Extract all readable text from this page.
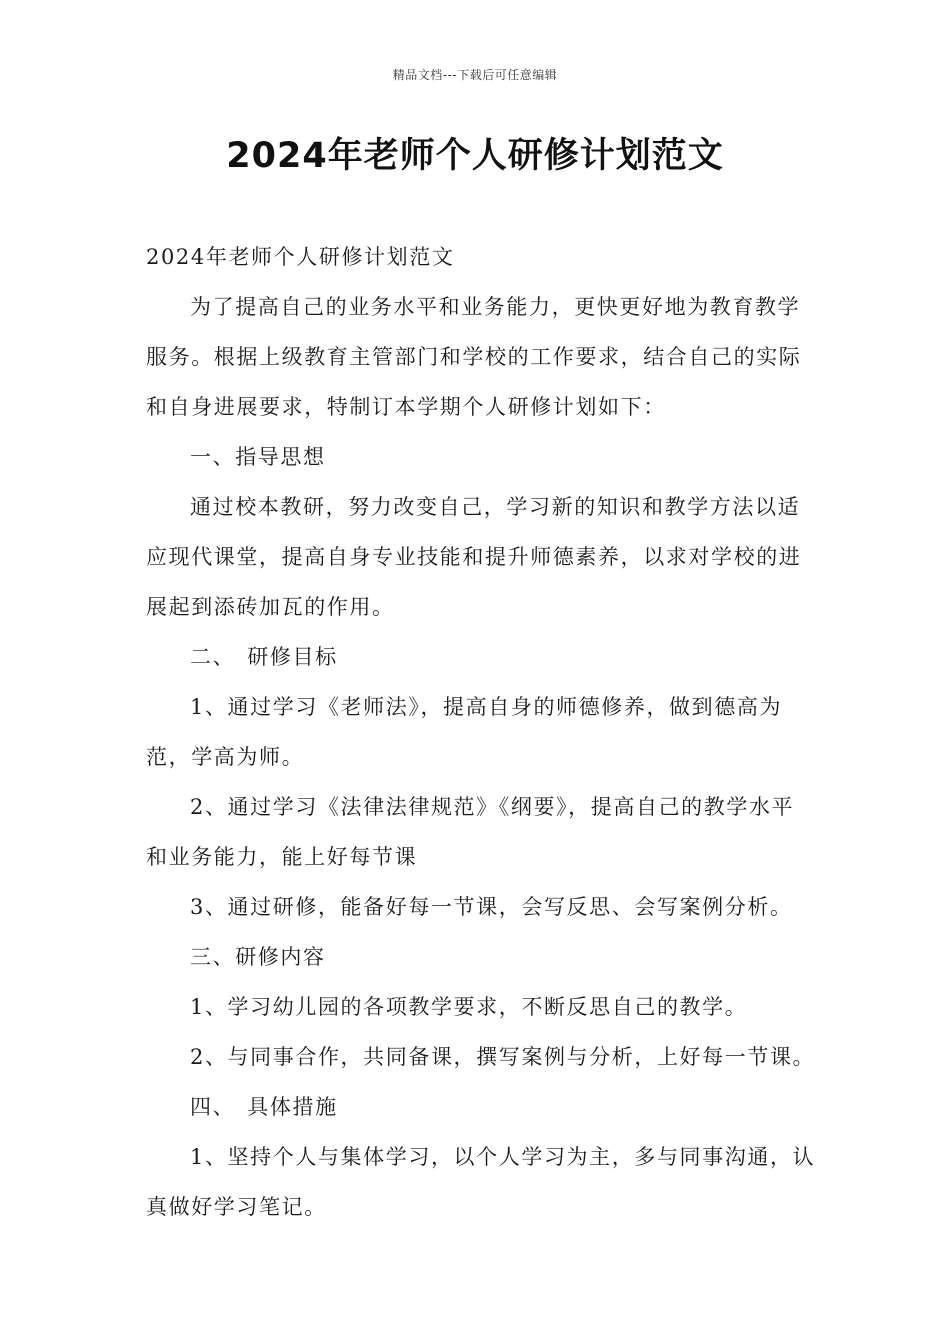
精品文档---下载后可任意编辑
2024年老师个人研修计划范文

2024年老师个人研修计划范文

为了提高自己的业务水平和业务能力，更快更好地为教育教学服务。根据上级教育主管部门和学校的工作要求，结合自己的实际和自身进展要求，特制订本学期个人研修计划如下：

一、指导思想

通过校本教研，努力改变自己，学习新的知识和教学方法以适应现代课堂，提高自身专业技能和提升师德素养，以求对学校的进展起到添砖加瓦的作用。

二、　研修目标

1、通过学习《老师法》，提高自身的师德修养，做到德高为范，学高为师。

2、通过学习《法律法律规范》《纲要》，提高自己的教学水平和业务能力，能上好每节课

3、通过研修，能备好每一节课，会写反思、会写案例分析。

三、研修内容

1、学习幼儿园的各项教学要求，不断反思自己的教学。

2、与同事合作，共同备课，撰写案例与分析，上好每一节课。

四、　具体措施

1、坚持个人与集体学习，以个人学习为主，多与同事沟通，认真做好学习笔记。
